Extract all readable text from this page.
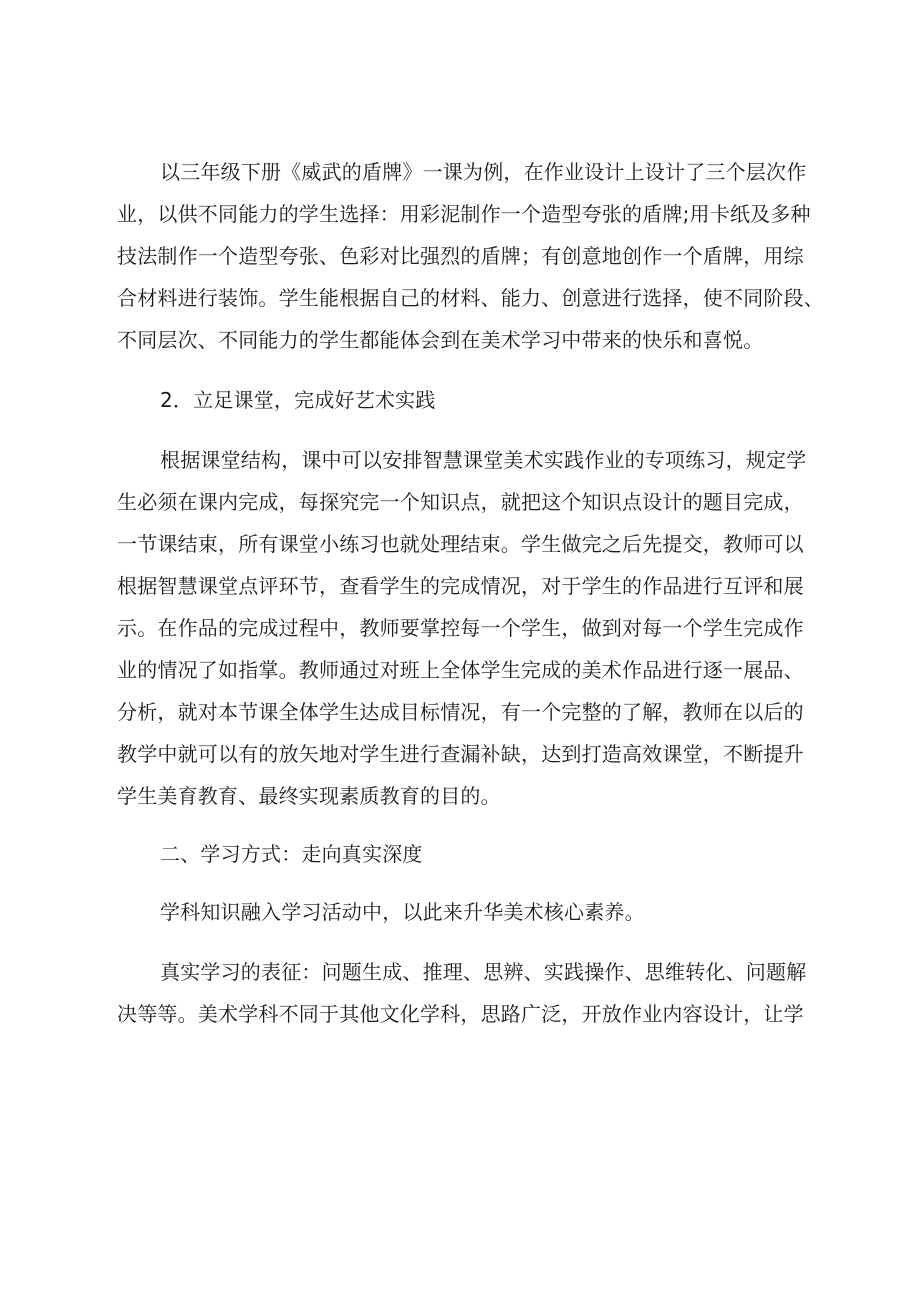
以三年级下册《威武的盾牌》一课为例，在作业设计上设计了三个层次作
业，以供不同能力的学生选择：用彩泥制作一个造型夸张的盾牌;用卡纸及多种
技法制作一个造型夸张、色彩对比强烈的盾牌；有创意地创作一个盾牌，用综
合材料进行装饰。学生能根据自己的材料、能力、创意进行选择，使不同阶段、
不同层次、不同能力的学生都能体会到在美术学习中带来的快乐和喜悦。
2．立足课堂，完成好艺术实践
根据课堂结构，课中可以安排智慧课堂美术实践作业的专项练习，规定学
生必须在课内完成，每探究完一个知识点，就把这个知识点设计的题目完成，
一节课结束，所有课堂小练习也就处理结束。学生做完之后先提交，教师可以
根据智慧课堂点评环节，查看学生的完成情况，对于学生的作品进行互评和展
示。在作品的完成过程中，教师要掌控每一个学生，做到对每一个学生完成作
业的情况了如指掌。教师通过对班上全体学生完成的美术作品进行逐一展品、
分析，就对本节课全体学生达成目标情况，有一个完整的了解，教师在以后的
教学中就可以有的放矢地对学生进行查漏补缺，达到打造高效课堂，不断提升
学生美育教育、最终实现素质教育的目的。
二、学习方式：走向真实深度
学科知识融入学习活动中，以此来升华美术核心素养。
真实学习的表征：问题生成、推理、思辨、实践操作、思维转化、问题解
决等等。美术学科不同于其他文化学科，思路广泛，开放作业内容设计，让学
